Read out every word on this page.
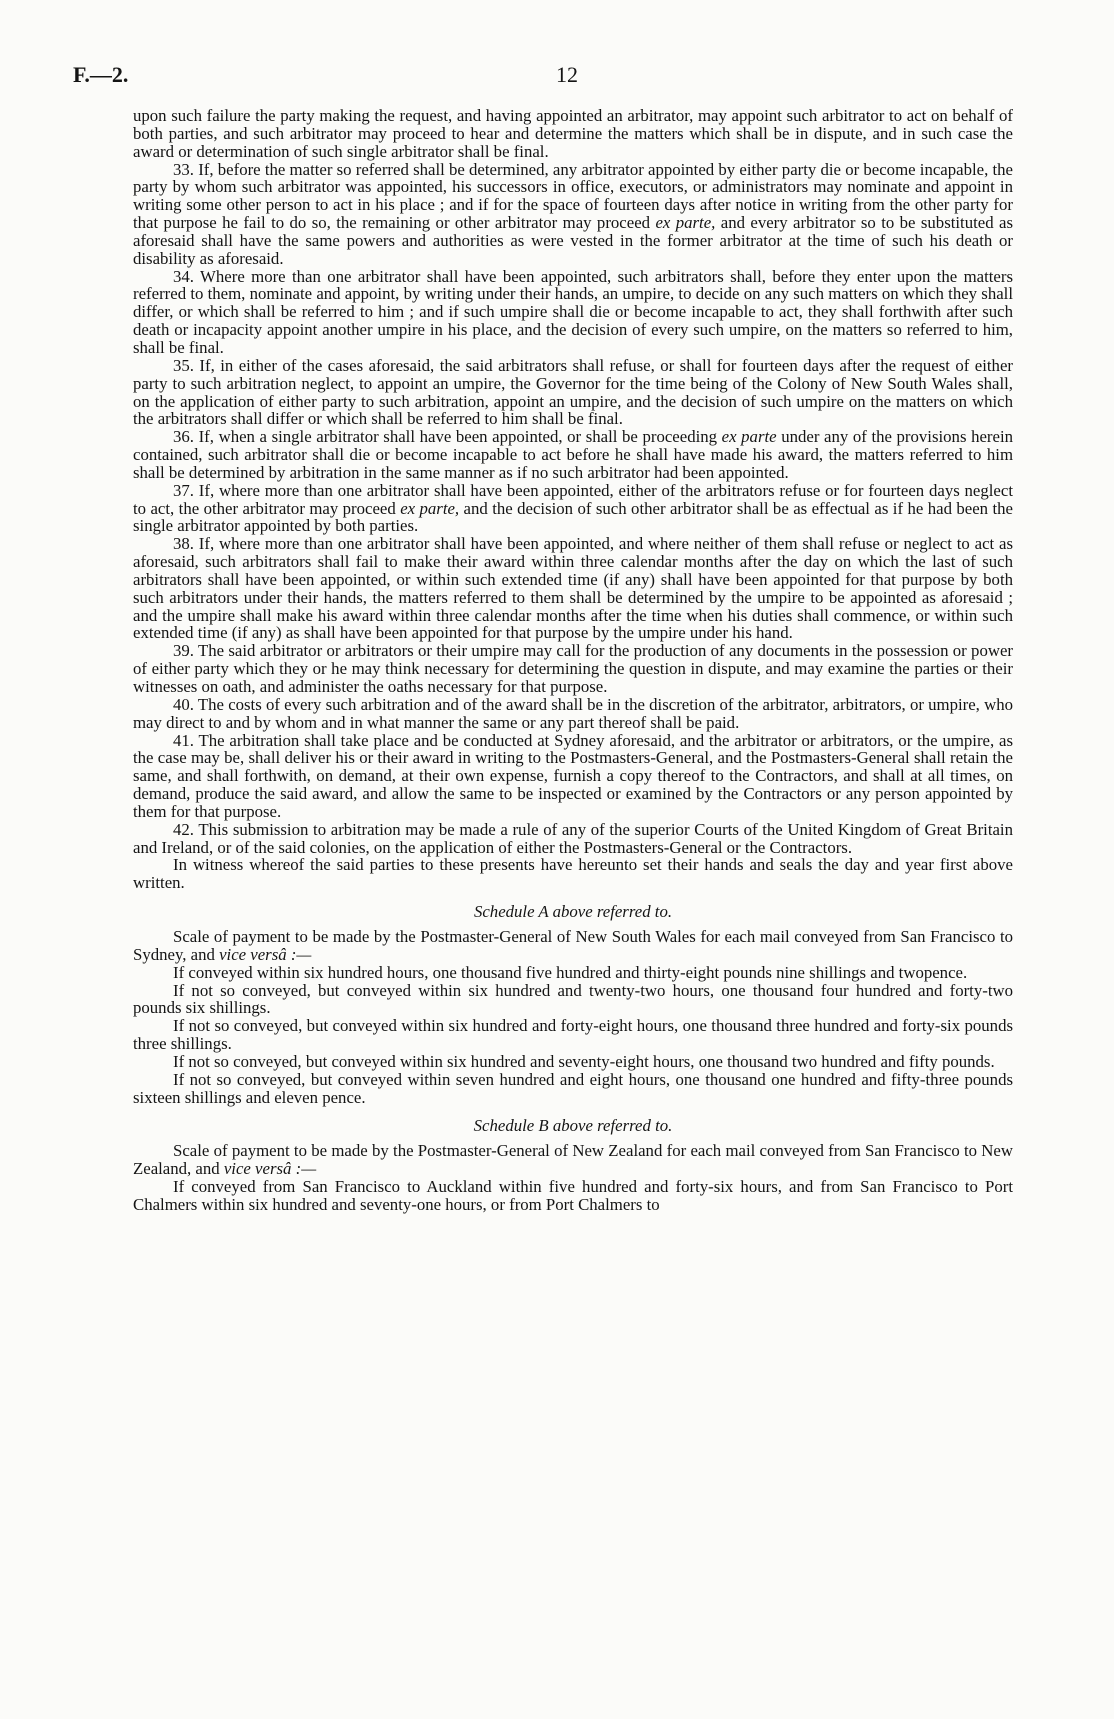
F.—2.	12

upon such failure the party making the request, and having appointed an arbitrator, may appoint such arbitrator to act on behalf of both parties, and such arbitrator may proceed to hear and determine the matters which shall be in dispute, and in such case the award or determination of such single arbitrator shall be final.

33. If, before the matter so referred shall be determined, any arbitrator appointed by either party die or become incapable, the party by whom such arbitrator was appointed, his successors in office, executors, or administrators may nominate and appoint in writing some other person to act in his place ; and if for the space of fourteen days after notice in writing from the other party for that purpose he fail to do so, the remaining or other arbitrator may proceed ex parte, and every arbitrator so to be substituted as aforesaid shall have the same powers and authorities as were vested in the former arbitrator at the time of such his death or disability as aforesaid.

34. Where more than one arbitrator shall have been appointed, such arbitrators shall, before they enter upon the matters referred to them, nominate and appoint, by writing under their hands, an umpire, to decide on any such matters on which they shall differ, or which shall be referred to him ; and if such umpire shall die or become incapable to act, they shall forthwith after such death or incapacity appoint another umpire in his place, and the decision of every such umpire, on the matters so referred to him, shall be final.

35. If, in either of the cases aforesaid, the said arbitrators shall refuse, or shall for fourteen days after the request of either party to such arbitration neglect, to appoint an umpire, the Governor for the time being of the Colony of New South Wales shall, on the application of either party to such arbitration, appoint an umpire, and the decision of such umpire on the matters on which the arbitrators shall differ or which shall be referred to him shall be final.

36. If, when a single arbitrator shall have been appointed, or shall be proceeding ex parte under any of the provisions herein contained, such arbitrator shall die or become incapable to act before he shall have made his award, the matters referred to him shall be determined by arbitration in the same manner as if no such arbitrator had been appointed.

37. If, where more than one arbitrator shall have been appointed, either of the arbitrators refuse or for fourteen days neglect to act, the other arbitrator may proceed ex parte, and the decision of such other arbitrator shall be as effectual as if he had been the single arbitrator appointed by both parties.

38. If, where more than one arbitrator shall have been appointed, and where neither of them shall refuse or neglect to act as aforesaid, such arbitrators shall fail to make their award within three calendar months after the day on which the last of such arbitrators shall have been appointed, or within such extended time (if any) shall have been appointed for that purpose by both such arbitrators under their hands, the matters referred to them shall be determined by the umpire to be appointed as aforesaid ; and the umpire shall make his award within three calendar months after the time when his duties shall commence, or within such extended time (if any) as shall have been appointed for that purpose by the umpire under his hand.

39. The said arbitrator or arbitrators or their umpire may call for the production of any documents in the possession or power of either party which they or he may think necessary for determining the question in dispute, and may examine the parties or their witnesses on oath, and administer the oaths necessary for that purpose.

40. The costs of every such arbitration and of the award shall be in the discretion of the arbitrator, arbitrators, or umpire, who may direct to and by whom and in what manner the same or any part thereof shall be paid.

41. The arbitration shall take place and be conducted at Sydney aforesaid, and the arbitrator or arbitrators, or the umpire, as the case may be, shall deliver his or their award in writing to the Postmasters-General, and the Postmasters-General shall retain the same, and shall forthwith, on demand, at their own expense, furnish a copy thereof to the Contractors, and shall at all times, on demand, produce the said award, and allow the same to be inspected or examined by the Contractors or any person appointed by them for that purpose.

42. This submission to arbitration may be made a rule of any of the superior Courts of the United Kingdom of Great Britain and Ireland, or of the said colonies, on the application of either the Postmasters-General or the Contractors.

In witness whereof the said parties to these presents have hereunto set their hands and seals the day and year first above written.

Schedule A above referred to.

Scale of payment to be made by the Postmaster-General of New South Wales for each mail conveyed from San Francisco to Sydney, and vice versâ :—

If conveyed within six hundred hours, one thousand five hundred and thirty-eight pounds nine shillings and twopence.

If not so conveyed, but conveyed within six hundred and twenty-two hours, one thousand four hundred and forty-two pounds six shillings.

If not so conveyed, but conveyed within six hundred and forty-eight hours, one thousand three hundred and forty-six pounds three shillings.

If not so conveyed, but conveyed within six hundred and seventy-eight hours, one thousand two hundred and fifty pounds.

If not so conveyed, but conveyed within seven hundred and eight hours, one thousand one hundred and fifty-three pounds sixteen shillings and eleven pence.

Schedule B above referred to.

Scale of payment to be made by the Postmaster-General of New Zealand for each mail conveyed from San Francisco to New Zealand, and vice versâ :—

If conveyed from San Francisco to Auckland within five hundred and forty-six hours, and from San Francisco to Port Chalmers within six hundred and seventy-one hours, or from Port Chalmers to
